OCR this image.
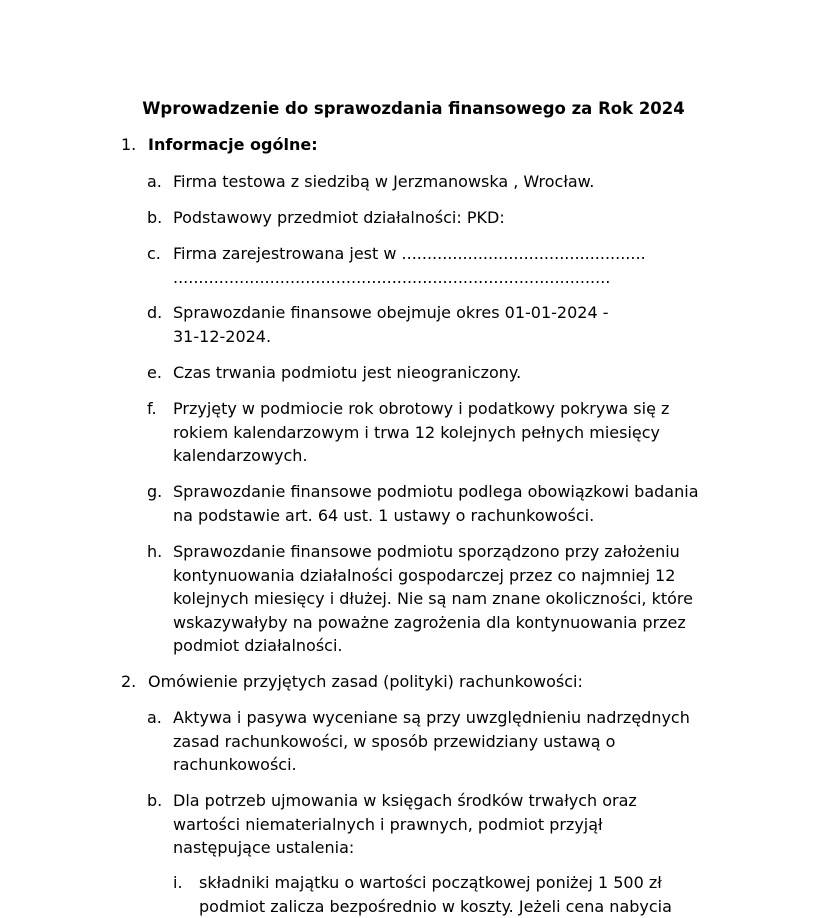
Wprowadzenie do sprawozdania finansowego za Rok 2024
1. Informacje ogólne:
a. Firma testowa z siedzibą w Jerzmanowska , Wrocław.
b. Podstawowy przedmiot działalności: PKD:
c. Firma zarejestrowana jest w ................................................
......................................................................................
d. Sprawozdanie finansowe obejmuje okres 01-01-2024 -
31-12-2024.
e. Czas trwania podmiotu jest nieograniczony.
f.	Przyjęty w podmiocie rok obrotowy i podatkowy pokrywa się z
rokiem kalendarzowym i trwa 12 kolejnych pełnych miesięcy
kalendarzowych.
g. Sprawozdanie finansowe podmiotu podlega obowiązkowi badania
na podstawie art. 64 ust. 1 ustawy o rachunkowości.
h. Sprawozdanie finansowe podmiotu sporządzono przy założeniu
kontynuowania działalności gospodarczej przez co najmniej 12
kolejnych miesięcy i dłużej. Nie są nam znane okoliczności, które
wskazywałyby na poważne zagrożenia dla kontynuowania przez
podmiot działalności.
2. Omówienie przyjętych zasad (polityki) rachunkowości:
a. Aktywa i pasywa wyceniane są przy uwzględnieniu nadrzędnych
zasad rachunkowości, w sposób przewidziany ustawą o
rachunkowości.
b. Dla potrzeb ujmowania w księgach środków trwałych oraz
wartości niematerialnych i prawnych, podmiot przyjął
następujące ustalenia:
i.	składniki majątku o wartości początkowej poniżej 1 500 zł
podmiot zalicza bezpośrednio w koszty. Jeżeli cena nabycia
